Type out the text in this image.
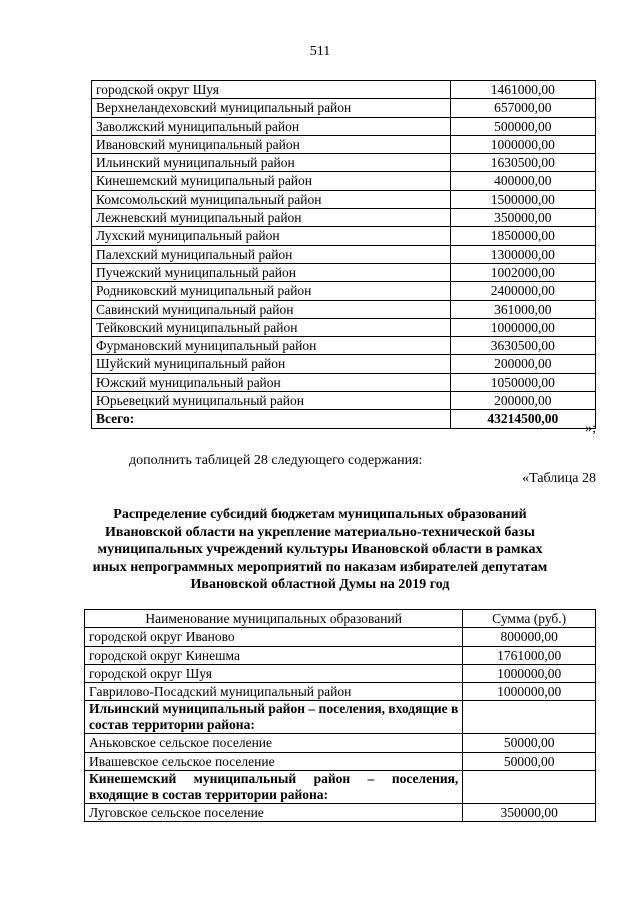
511
городской округ Шуя	1461000,00
Верхнеландеховский муниципальный район	657000,00
Заволжский муниципальный район	500000,00
Ивановский муниципальный район	1000000,00
Ильинский муниципальный район	1630500,00
Кинешемский муниципальный район	400000,00
Комсомольский муниципальный район	1500000,00
Лежневский муниципальный район	350000,00
Лухский муниципальный район	1850000,00
Палехский муниципальный район	1300000,00
Пучежский муниципальный район	1002000,00
Родниковский муниципальный район	2400000,00
Савинский муниципальный район	361000,00
Тейковский муниципальный район	1000000,00
Фурмановский муниципальный район	3630500,00
Шуйский муниципальный район	200000,00
Южский муниципальный район	1050000,00
Юрьевецкий муниципальный район	200000,00
Всего:	43214500,00
»;
дополнить таблицей 28 следующего содержания:
«Таблица 28
Распределение субсидий бюджетам муниципальных образований Ивановской области на укрепление материально-технической базы муниципальных учреждений культуры Ивановской области в рамках иных непрограммных мероприятий по наказам избирателей депутатам Ивановской областной Думы на 2019 год
Наименование муниципальных образований	Сумма (руб.)
городской округ Иваново	800000,00
городской округ Кинешма	1761000,00
городской округ Шуя	1000000,00
Гаврилово-Посадский муниципальный район	1000000,00
Ильинский муниципальный район – поселения, входящие в состав территории района:	
Аньковское сельское поселение	50000,00
Ивашевское сельское поселение	50000,00
Кинешемский муниципальный район – поселения, входящие в состав территории района:	
Луговское сельское поселение	350000,00
